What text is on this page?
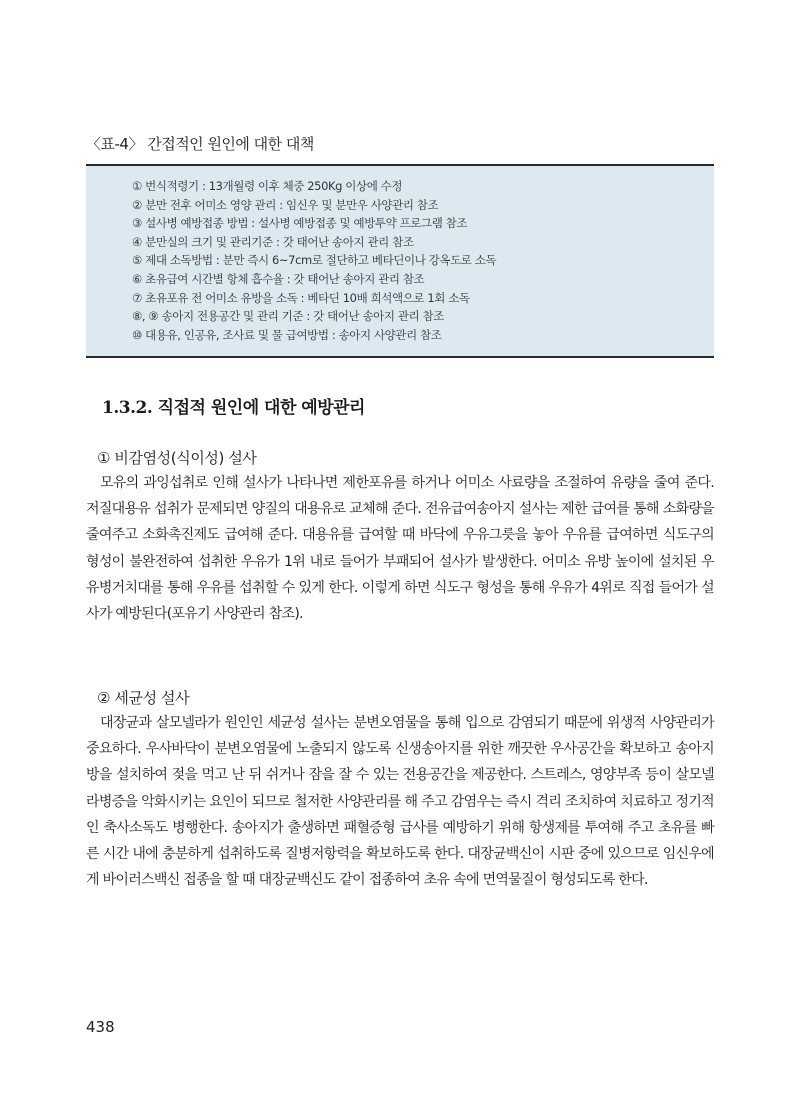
〈표-4〉 간접적인 원인에 대한 대책
① 번식적령기 : 13개월령 이후 체중 250Kg 이상에 수정
② 분만 전후 어미소 영양 관리 : 임신우 및 분만우 사양관리 참조
③ 설사병 예방접종 방법 : 설사병 예방접종 및 예방투약 프로그램 참조
④ 분만실의 크기 및 관리기준 : 갓 태어난 송아지 관리 참조
⑤ 제대 소독방법 : 분만 즉시 6~7cm로 절단하고 베타딘이나 강옥도로 소독
⑥ 초유급여 시간별 항체 흡수율 : 갓 태어난 송아지 관리 참조
⑦ 초유포유 전 어미소 유방을 소독 : 베타딘 10배 희석액으로 1회 소독
⑧, ⑨ 송아지 전용공간 및 관리 기준 : 갓 태어난 송아지 관리 참조
⑩ 대용유, 인공유, 조사료 및 물 급여방법 : 송아지 사양관리 참조
1.3.2. 직접적 원인에 대한 예방관리
① 비감염성(식이성) 설사

모유의 과잉섭취로 인해 설사가 나타나면 제한포유를 하거나 어미소 사료량을 조절하여 유량을 줄여 준다. 저질대용유 섭취가 문제되면 양질의 대용유로 교체해 준다. 전유급여송아지 설사는 제한 급여를 통해 소화량을 줄여주고 소화촉진제도 급여해 준다. 대용유를 급여할 때 바닥에 우유그릇을 놓아 우유를 급여하면 식도구의 형성이 불완전하여 섭취한 우유가 1위 내로 들어가 부패되어 설사가 발생한다. 어미소 유방 높이에 설치된 우유병거치대를 통해 우유를 섭취할 수 있게 한다. 이렇게 하면 식도구 형성을 통해 우유가 4위로 직접 들어가 설사가 예방된다(포유기 사양관리 참조).

② 세균성 설사

대장균과 살모넬라가 원인인 세균성 설사는 분변오염물을 통해 입으로 감염되기 때문에 위생적 사양관리가 중요하다. 우사바닥이 분변오염물에 노출되지 않도록 신생송아지를 위한 깨끗한 우사공간을 확보하고 송아지방을 설치하여 젖을 먹고 난 뒤 쉬거나 잠을 잘 수 있는 전용공간을 제공한다. 스트레스, 영양부족 등이 살모넬라병증을 악화시키는 요인이 되므로 철저한 사양관리를 해 주고 감염우는 즉시 격리 조치하여 치료하고 정기적인 축사소독도 병행한다. 송아지가 출생하면 패혈증형 급사를 예방하기 위해 항생제를 투여해 주고 초유를 빠른 시간 내에 충분하게 섭취하도록 질병저항력을 확보하도록 한다. 대장균백신이 시판 중에 있으므로 임신우에게 바이러스백신 접종을 할 때 대장균백신도 같이 접종하여 초유 속에 면역물질이 형성되도록 한다.

438
